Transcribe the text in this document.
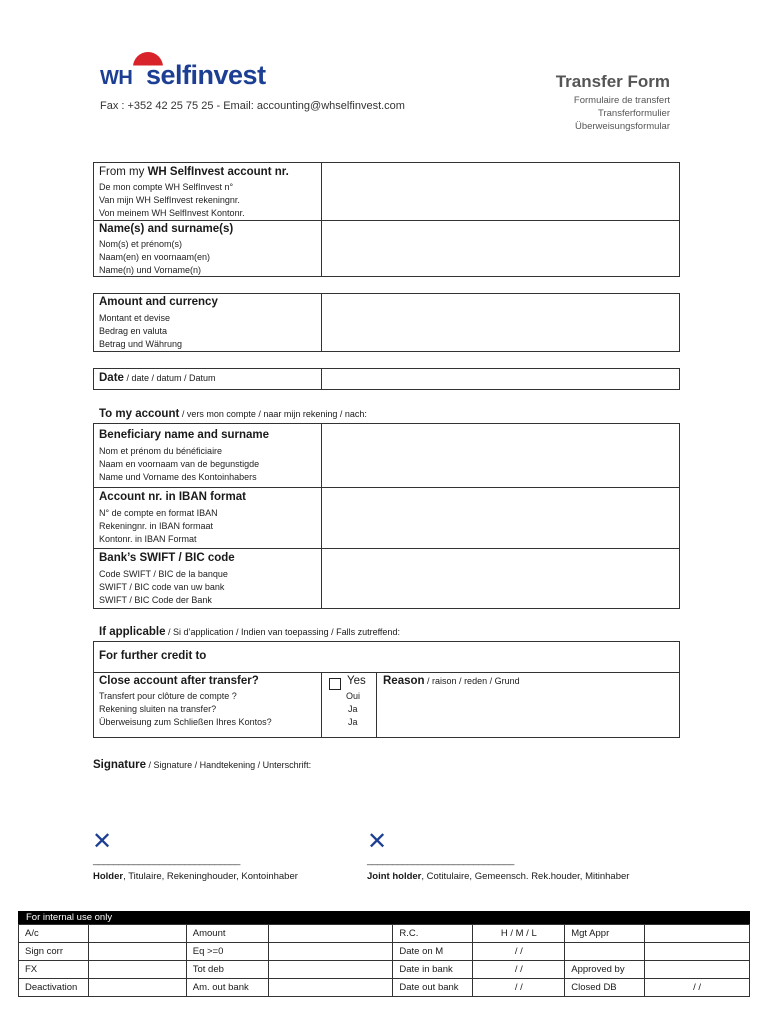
WH selfinvest
Fax : +352 42 25 75 25 - Email: accounting@whselfinvest.com
Transfer Form
Formulaire de transfert
Transferformulier
Überweisungsformular
From my WH SelfInvest account nr.
De mon compte WH SelfInvest n°
Van mijn WH SelfInvest rekeningnr.
Von meinem WH SelfInvest Kontonr.
Name(s) and surname(s)
Nom(s) et prénom(s)
Naam(en) en voornaam(en)
Name(n) und Vorname(n)
Amount and currency
Montant et devise
Bedrag en valuta
Betrag und Währung
Date / date / datum / Datum
To my account / vers mon compte / naar mijn rekening / nach:
Beneficiary name and surname
Nom et prénom du bénéficiaire
Naam en voornaam van de begunstigde
Name und Vorname des Kontoinhabers
Account nr. in IBAN format
N° de compte en format IBAN
Rekeningnr. in IBAN formaat
Kontonr. in IBAN Format
Bank’s SWIFT / BIC code
Code SWIFT / BIC de la banque
SWIFT / BIC code van uw bank
SWIFT / BIC Code der Bank
If applicable / Si d’application / Indien van toepassing / Falls zutreffend:
For further credit to
Close account after transfer?
Transfert pour clôture de compte ?
Rekening sluiten na transfer?
Überweisung zum Schließen Ihres Kontos?
Yes
Oui
Ja
Ja
Reason / raison / reden / Grund
Signature / Signature / Handtekening / Unterschrift:
✕
_____________________________
Holder, Titulaire, Rekeninghouder, Kontoinhaber
✕
_____________________________
Joint holder, Cotitulaire, Gemeensch. Rek.houder, Mitinhaber
A/c		Amount		R.C.	H / M / L	Mgt Appr	
Sign corr		Eq >=0		Date on M	/ /		
FX		Tot deb		Date in bank	/ /	Approved by	
Deactivation		Am. out bank		Date out bank	/ /	Closed DB	/ /
For internal use only
